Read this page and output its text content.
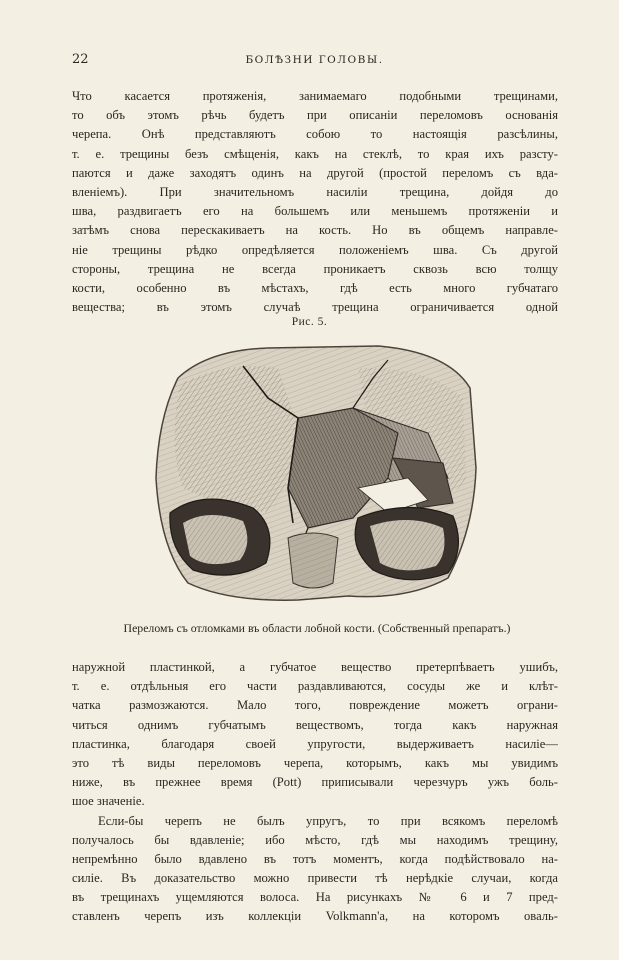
22	БОЛѢЗНИ ГОЛОВЫ.
Что касается протяженія, занимаемаго подобными трещинами,
то объ этомъ рѣчь будетъ при описаніи переломовъ основанія
черепа. Онѣ представляютъ собою то настоящія разсѣлины,
т. е. трещины безъ смѣщенія, какъ на стеклѣ, то края ихъ разсту-
паются и даже заходятъ одинъ на другой (простой переломъ съ вда-
вленіемъ). При значительномъ насиліи трещина, дойдя до
шва, раздвигаетъ его на большемъ или меньшемъ протяженіи и
затѣмъ снова перескакиваетъ на кость. Но въ общемъ направле-
ніе трещины рѣдко опредѣляется положеніемъ шва. Съ другой
стороны, трещина не всегда проникаетъ сквозь всю толщу
кости, особенно въ мѣстахъ, гдѣ есть много губчатаго
вещества; въ этомъ случаѣ трещина ограничивается одной
Рис. 5.
Переломъ съ отломками въ области лобной кости. (Собственный препаратъ.)
наружной пластинкой, а губчатое вещество претерпѣваетъ ушибъ,
т. е. отдѣльныя его части раздавливаются, сосуды же и клѣт-
чатка размозжаются. Мало того, повреждение можетъ ограни-
читься однимъ губчатымъ веществомъ, тогда какъ наружная
пластинка, благодаря своей упругости, выдерживаетъ насиліе—
это тѣ виды переломовъ черепа, которымъ, какъ мы увидимъ
ниже, въ прежнее время (Pott) приписывали черезчуръ ужъ боль-
шое значеніе.
Если-бы черепъ не былъ упругъ, то при всякомъ переломѣ
получалось бы вдавленіе; ибо мѣсто, гдѣ мы находимъ трещину,
непремѣнно было вдавлено въ тотъ моментъ, когда подѣйствовало на-
силіе. Въ доказательство можно привести тѣ нерѣдкіе случаи, когда
въ трещинахъ ущемляются волоса. На рисункахъ № 6 и 7 пред-
ставленъ черепъ изъ коллекціи Volkmann'а, на которомъ оваль-
